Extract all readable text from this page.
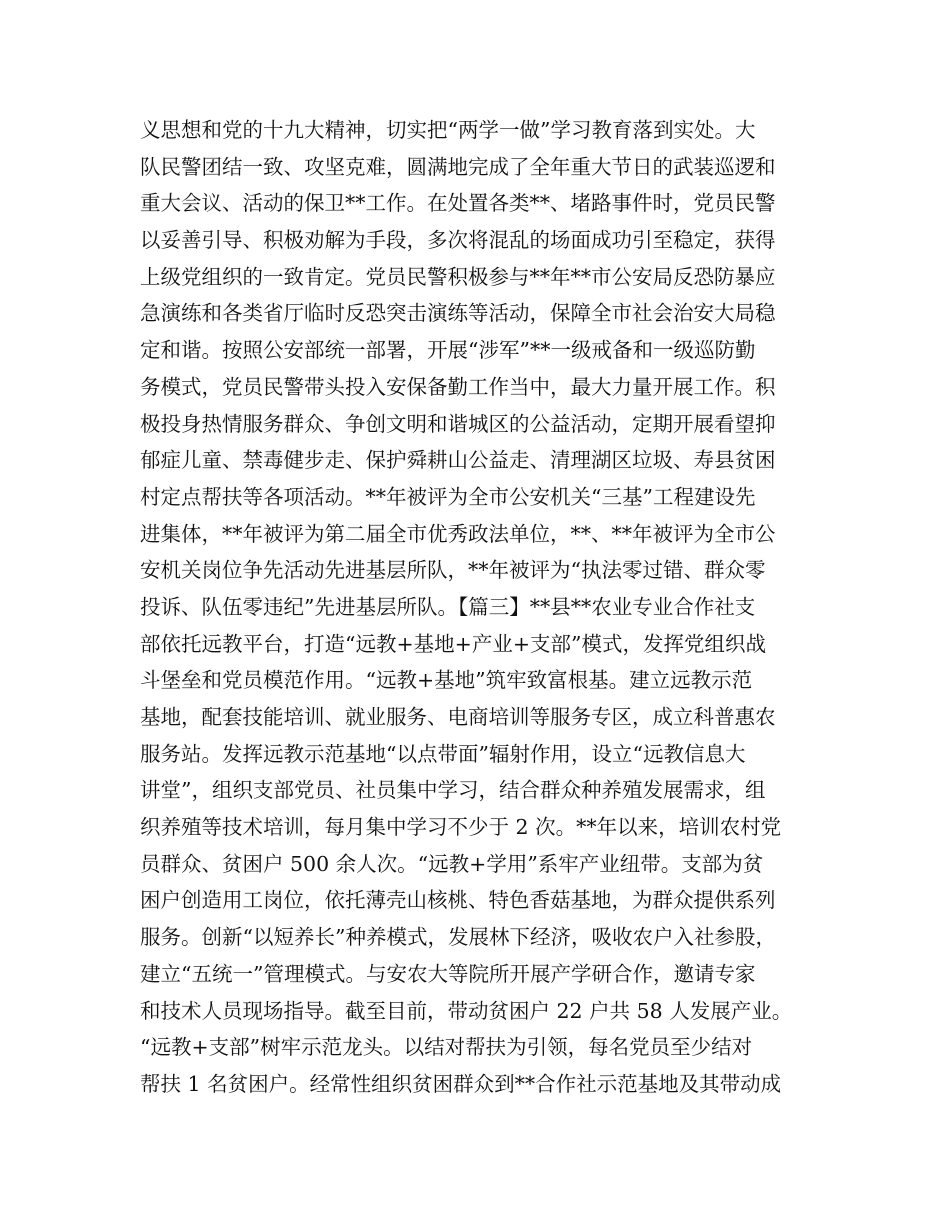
义思想和党的十九大精神，切实把“两学一做”学习教育落到实处。大
队民警团结一致、攻坚克难，圆满地完成了全年重大节日的武装巡逻和
重大会议、活动的保卫**工作。在处置各类**、堵路事件时，党员民警
以妥善引导、积极劝解为手段，多次将混乱的场面成功引至稳定，获得
上级党组织的一致肯定。党员民警积极参与**年**市公安局反恐防暴应
急演练和各类省厅临时反恐突击演练等活动，保障全市社会治安大局稳
定和谐。按照公安部统一部署，开展“涉军”**一级戒备和一级巡防勤
务模式，党员民警带头投入安保备勤工作当中，最大力量开展工作。积
极投身热情服务群众、争创文明和谐城区的公益活动，定期开展看望抑
郁症儿童、禁毒健步走、保护舜耕山公益走、清理湖区垃圾、寿县贫困
村定点帮扶等各项活动。**年被评为全市公安机关“三基”工程建设先
进集体，**年被评为第二届全市优秀政法单位，**、**年被评为全市公
安机关岗位争先活动先进基层所队，**年被评为“执法零过错、群众零
投诉、队伍零违纪”先进基层所队。【篇三】**县**农业专业合作社支
部依托远教平台，打造“远教+基地+产业+支部”模式，发挥党组织战
斗堡垒和党员模范作用。“远教+基地”筑牢致富根基。建立远教示范
基地，配套技能培训、就业服务、电商培训等服务专区，成立科普惠农
服务站。发挥远教示范基地“以点带面”辐射作用，设立“远教信息大
讲堂”，组织支部党员、社员集中学习，结合群众种养殖发展需求，组
织养殖等技术培训，每月集中学习不少于 2 次。**年以来，培训农村党
员群众、贫困户 500 余人次。“远教+学用”系牢产业纽带。支部为贫
困户创造用工岗位，依托薄壳山核桃、特色香菇基地，为群众提供系列
服务。创新“以短养长”种养模式，发展林下经济，吸收农户入社参股，
建立“五统一”管理模式。与安农大等院所开展产学研合作，邀请专家
和技术人员现场指导。截至目前，带动贫困户 22 户共 58 人发展产业。
“远教+支部”树牢示范龙头。以结对帮扶为引领，每名党员至少结对
帮扶 1 名贫困户。经常性组织贫困群众到**合作社示范基地及其带动成
